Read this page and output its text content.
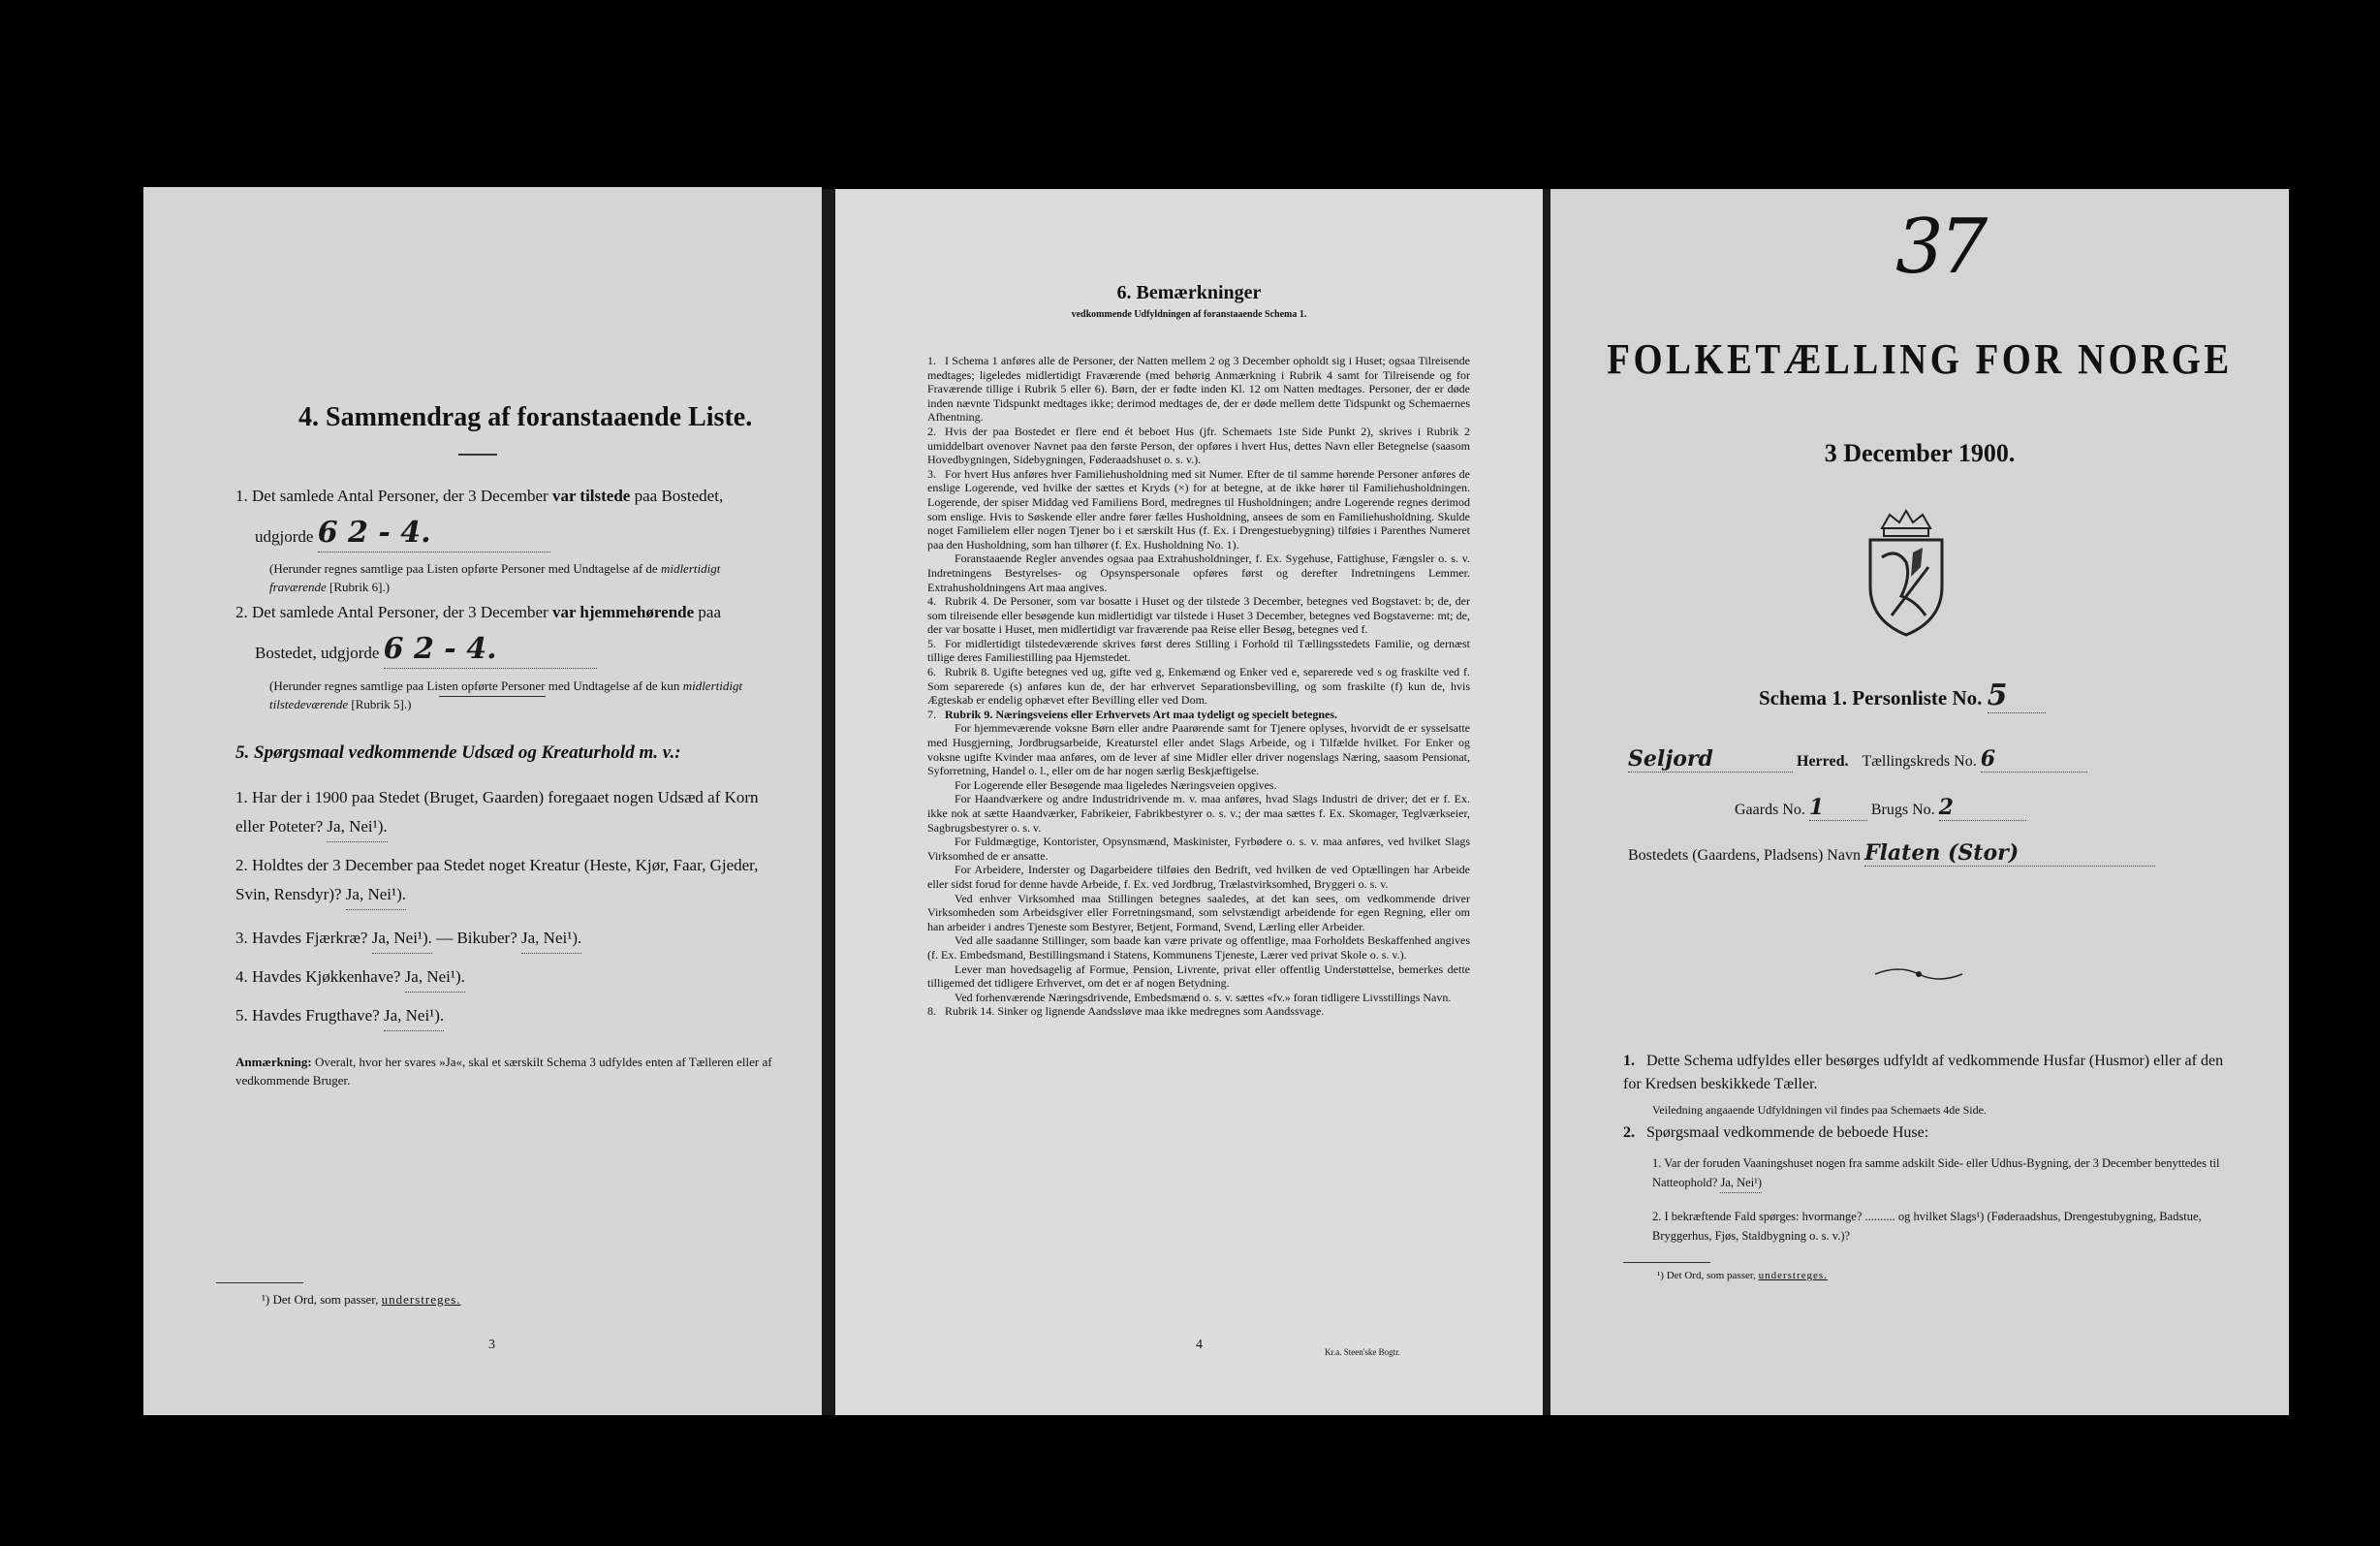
4. Sammendrag af foranstaaende Liste.
1. Det samlede Antal Personer, der 3 December var tilstede paa Bostedet,
udgjorde 6 2 - 4.
(Herunder regnes samtlige paa Listen opførte Personer med Undtagelse af de midlertidigt fraværende [Rubrik 6].)
2. Det samlede Antal Personer, der 3 December var hjemmehørende paa
Bostedet, udgjorde 6 2 - 4.
(Herunder regnes samtlige paa Listen opførte Personer med Undtagelse af de kun midlertidigt tilstedeværende [Rubrik 5].)
5. Spørgsmaal vedkommende Udsæd og Kreaturhold m. v.:
1. Har der i 1900 paa Stedet (Bruget, Gaarden) foregaaet nogen Udsæd af Korn eller Poteter? Ja, Nei¹).
2. Holdtes der 3 December paa Stedet noget Kreatur (Heste, Kjør, Faar, Gjeder, Svin, Rensdyr)? Ja, Nei¹).
3. Havdes Fjærkræ? Ja, Nei¹). — Bikuber? Ja, Nei¹).
4. Havdes Kjøkkenhave? Ja, Nei¹).
5. Havdes Frugthave? Ja, Nei¹).
Anmærkning: Overalt, hvor her svares »Ja«, skal et særskilt Schema 3 udfyldes enten af Tælleren eller af vedkommende Bruger.
¹) Det Ord, som passer, understreges.
3
6. Bemærkninger
vedkommende Udfyldningen af foranstaaende Schema 1.

1. I Schema 1 anføres alle de Personer, der Natten mellem 2 og 3 December opholdt sig i Huset; ogsaa Tilreisende medtages; ligeledes midlertidigt Fraværende (med behørig Anmærkning i Rubrik 4 samt for Tilreisende og for Fraværende tillige i Rubrik 5 eller 6). Børn, der er fødte inden Kl. 12 om Natten medtages. Personer, der er døde inden nævnte Tidspunkt medtages ikke; derimod medtages de, der er døde mellem dette Tidspunkt og Schemaernes Afhentning.

2. Hvis der paa Bostedet er flere end ét beboet Hus (jfr. Schemaets 1ste Side Punkt 2), skrives i Rubrik 2 umiddelbart ovenover Navnet paa den første Person, der opføres i hvert Hus, dettes Navn eller Betegnelse (saasom Hovedbygningen, Sidebygningen, Føderaadshuset o. s. v.).

3. For hvert Hus anføres hver Familiehusholdning med sit Numer. Efter de til samme hørende Personer anføres de enslige Logerende, ved hvilke der sættes et Kryds (×) for at betegne, at de ikke hører til Familiehusholdningen. Logerende, der spiser Middag ved Familiens Bord, medregnes til Husholdningen; andre Logerende regnes derimod som enslige. Hvis to Søskende eller andre fører fælles Husholdning, ansees de som en Familiehusholdning. Skulde noget Familielem eller nogen Tjener bo i et særskilt Hus (f. Ex. i Drengestuebygning) tilføies i Parenthes Numeret paa den Husholdning, som han tilhører (f. Ex. Husholdning No. 1).

Foranstaaende Regler anvendes ogsaa paa Extrahusholdninger, f. Ex. Sygehuse, Fattighuse, Fængsler o. s. v. Indretningens Bestyrelses- og Opsynspersonale opføres først og derefter Indretningens Lemmer. Extrahusholdningens Art maa angives.

4. Rubrik 4. De Personer, som var bosatte i Huset og der tilstede 3 December, betegnes ved Bogstavet: b; de, der som tilreisende eller besøgende kun midlertidigt var tilstede i Huset 3 December, betegnes ved Bogstaverne: mt; de, der var bosatte i Huset, men midlertidigt var fraværende paa Reise eller Besøg, betegnes ved f.

5. For midlertidigt tilstedeværende skrives først deres Stilling i Forhold til Tællingsstedets Familie, og dernæst tillige deres Familiestilling paa Hjemstedet.

6. Rubrik 8. Ugifte betegnes ved ug, gifte ved g, Enkemænd og Enker ved e, separerede ved s og fraskilte ved f. Som separerede (s) anføres kun de, der har erhvervet Separationsbevilling, og som fraskilte (f) kun de, hvis Ægteskab er endelig ophævet efter Bevilling eller ved Dom.

7. Rubrik 9. Næringsveiens eller Erhvervets Art maa tydeligt og specielt betegnes.

For hjemmeværende voksne Børn eller andre Paarørende samt for Tjenere oplyses, hvorvidt de er sysselsatte med Husgjerning, Jordbrugsarbeide, Kreaturstel eller andet Slags Arbeide, og i Tilfælde hvilket. For Enker og voksne ugifte Kvinder maa anføres, om de lever af sine Midler eller driver nogenslags Næring, saasom Pensionat, Syforretning, Handel o. l., eller om de har nogen særlig Beskjæftigelse.

For Logerende eller Besøgende maa ligeledes Næringsveien opgives.

For Haandværkere og andre Industridrivende m. v. maa anføres, hvad Slags Industri de driver; det er f. Ex. ikke nok at sætte Haandværker, Fabrikeier, Fabrikbestyrer o. s. v.; der maa sættes f. Ex. Skomager, Teglværkseier, Sagbrugsbestyrer o. s. v.

For Fuldmægtige, Kontorister, Opsynsmænd, Maskinister, Fyrbødere o. s. v. maa anføres, ved hvilket Slags Virksomhed de er ansatte.

For Arbeidere, Inderster og Dagarbeidere tilføies den Bedrift, ved hvilken de ved Optællingen har Arbeide eller sidst forud for denne havde Arbeide, f. Ex. ved Jordbrug, Trælastvirksomhed, Bryggeri o. s. v.

Ved enhver Virksomhed maa Stillingen betegnes saaledes, at det kan sees, om vedkommende driver Virksomheden som Arbeidsgiver eller Forretningsmand, som selvstændigt arbeidende for egen Regning, eller om han arbeider i andres Tjeneste som Bestyrer, Betjent, Formand, Svend, Lærling eller Arbeider.

Ved alle saadanne Stillinger, som baade kan være private og offentlige, maa Forholdets Beskaffenhed angives (f. Ex. Embedsmand, Bestillingsmand i Statens, Kommunens Tjeneste, Lærer ved privat Skole o. s. v.).

Lever man hovedsagelig af Formue, Pension, Livrente, privat eller offentlig Understøttelse, bemerkes dette tilligemed det tidligere Erhvervet, om det er af nogen Betydning.

Ved forhenværende Næringsdrivende, Embedsmænd o. s. v. sættes «fv.» foran tidligere Livsstillings Navn.

8. Rubrik 14. Sinker og lignende Aandssløve maa ikke medregnes som Aandssvage.

4	Kr.a. Steen'ske Bogtr.
37
FOLKETÆLLING FOR NORGE
3 December 1900.
Schema 1. Personliste No. 5
Seljord	Herred. Tællingskreds No. 6
Gaards No. 1	Brugs No. 2
Bostedets (Gaardens, Pladsens) Navn Flaten (Stor)
1. Dette Schema udfyldes eller besørges udfyldt af vedkommende Husfar (Husmor) eller af den for Kredsen beskikkede Tæller.
Veiledning angaaende Udfyldningen vil findes paa Schemaets 4de Side.
2. Spørgsmaal vedkommende de beboede Huse:
1. Var der foruden Vaaningshuset nogen fra samme adskilt Side- eller Udhus-Bygning, der 3 December benyttedes til Natteophold? Ja, Nei¹)
2. I bekræftende Fald spørges: hvormange? .......... og hvilket Slags¹) (Føderaadshus, Drengestubygning, Badstue, Bryggerhus, Fjøs, Staldbygning o. s. v.)?
¹) Det Ord, som passer, understreges.
